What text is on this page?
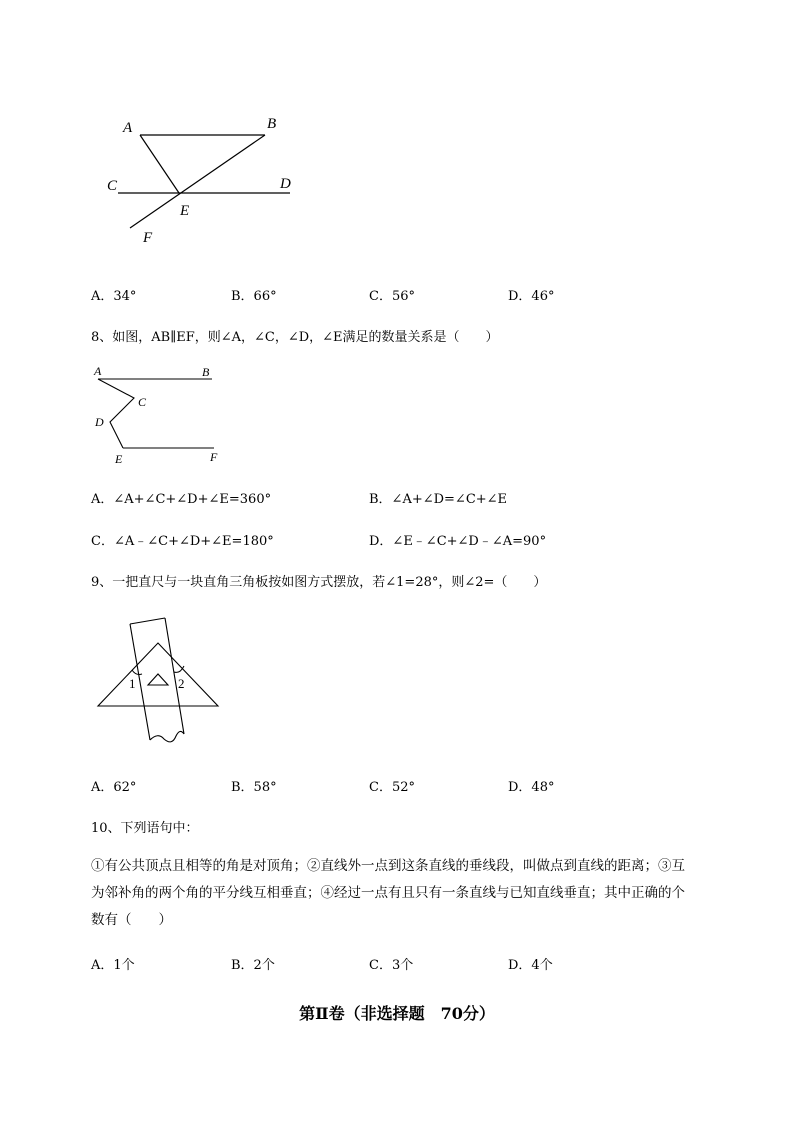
A	B
C	D
E
F
A．34°	B．66°	C．56°	D．46°
8、如图，AB∥EF，则∠A，∠C，∠D，∠E满足的数量关系是（　　）
A	B
C
D
E	F
A．∠A+∠C+∠D+∠E=360°	B．∠A+∠D=∠C+∠E
C．∠A﹣∠C+∠D+∠E=180°	D．∠E﹣∠C+∠D﹣∠A=90°
9、一把直尺与一块直角三角板按如图方式摆放，若∠1=28°，则∠2=（　　）
1	2
A．62°	B．58°	C．52°	D．48°
10、下列语句中：
①有公共顶点且相等的角是对顶角；②直线外一点到这条直线的垂线段，叫做点到直线的距离；③互
为邻补角的两个角的平分线互相垂直；④经过一点有且只有一条直线与已知直线垂直；其中正确的个
数有（　　）
A．1个	B．2个	C．3个	D．4个
第Ⅱ卷（非选择题　70分）
